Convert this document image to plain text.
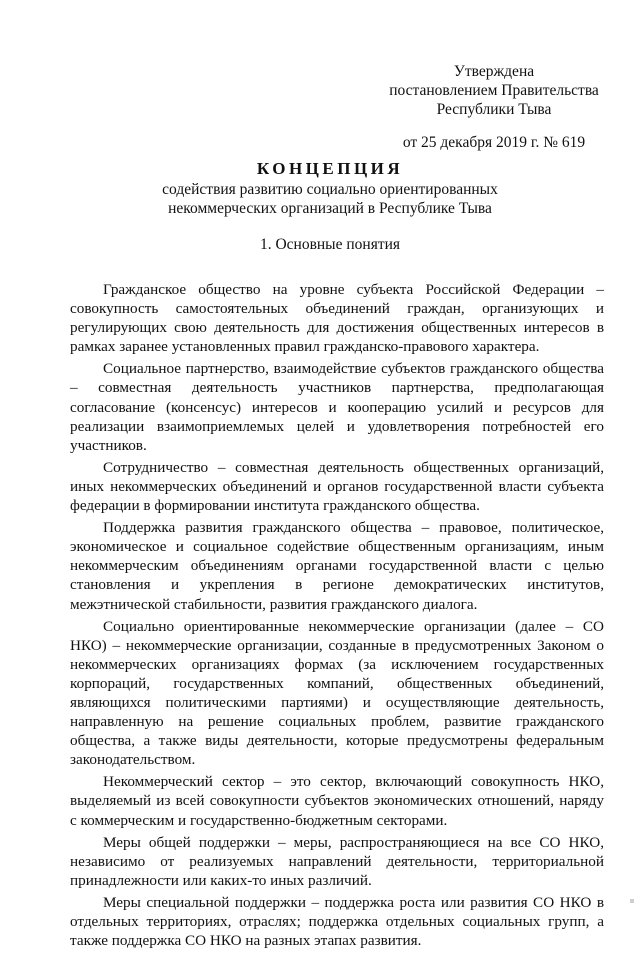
Утверждена
постановлением Правительства
Республики Тыва
от 25 декабря 2019 г. № 619
КОНЦЕПЦИЯ
содействия развитию социально ориентированных
некоммерческих организаций в Республике Тыва
1. Основные понятия

Гражданское общество на уровне субъекта Российской Федерации – совокупность самостоятельных объединений граждан, организующих и регулирующих свою деятельность для достижения общественных интересов в рамках заранее установленных правил гражданско-правового характера.

Социальное партнерство, взаимодействие субъектов гражданского общества – совместная деятельность участников партнерства, предполагающая согласование (консенсус) интересов и кооперацию усилий и ресурсов для реализации взаимоприемлемых целей и удовлетворения потребностей его участников.

Сотрудничество – совместная деятельность общественных организаций, иных некоммерческих объединений и органов государственной власти субъекта федерации в формировании института гражданского общества.

Поддержка развития гражданского общества – правовое, политическое, экономическое и социальное содействие общественным организациям, иным некоммерческим объединениям органами государственной власти с целью становления и укрепления в регионе демократических институтов, межэтнической стабильности, развития гражданского диалога.

Социально ориентированные некоммерческие организации (далее – СО НКО) – некоммерческие организации, созданные в предусмотренных Законом о некоммерческих организациях формах (за исключением государственных корпораций, государственных компаний, общественных объединений, являющихся политическими партиями) и осуществляющие деятельность, направленную на решение социальных проблем, развитие гражданского общества, а также виды деятельности, которые предусмотрены федеральным законодательством.

Некоммерческий сектор – это сектор, включающий совокупность НКО, выделяемый из всей совокупности субъектов экономических отношений, наряду с коммерческим и государственно-бюджетным секторами.

Меры общей поддержки – меры, распространяющиеся на все СО НКО, независимо от реализуемых направлений деятельности, территориальной принадлежности или каких-то иных различий.

Меры специальной поддержки – поддержка роста или развития СО НКО в отдельных территориях, отраслях; поддержка отдельных социальных групп, а также поддержка СО НКО на разных этапах развития.
